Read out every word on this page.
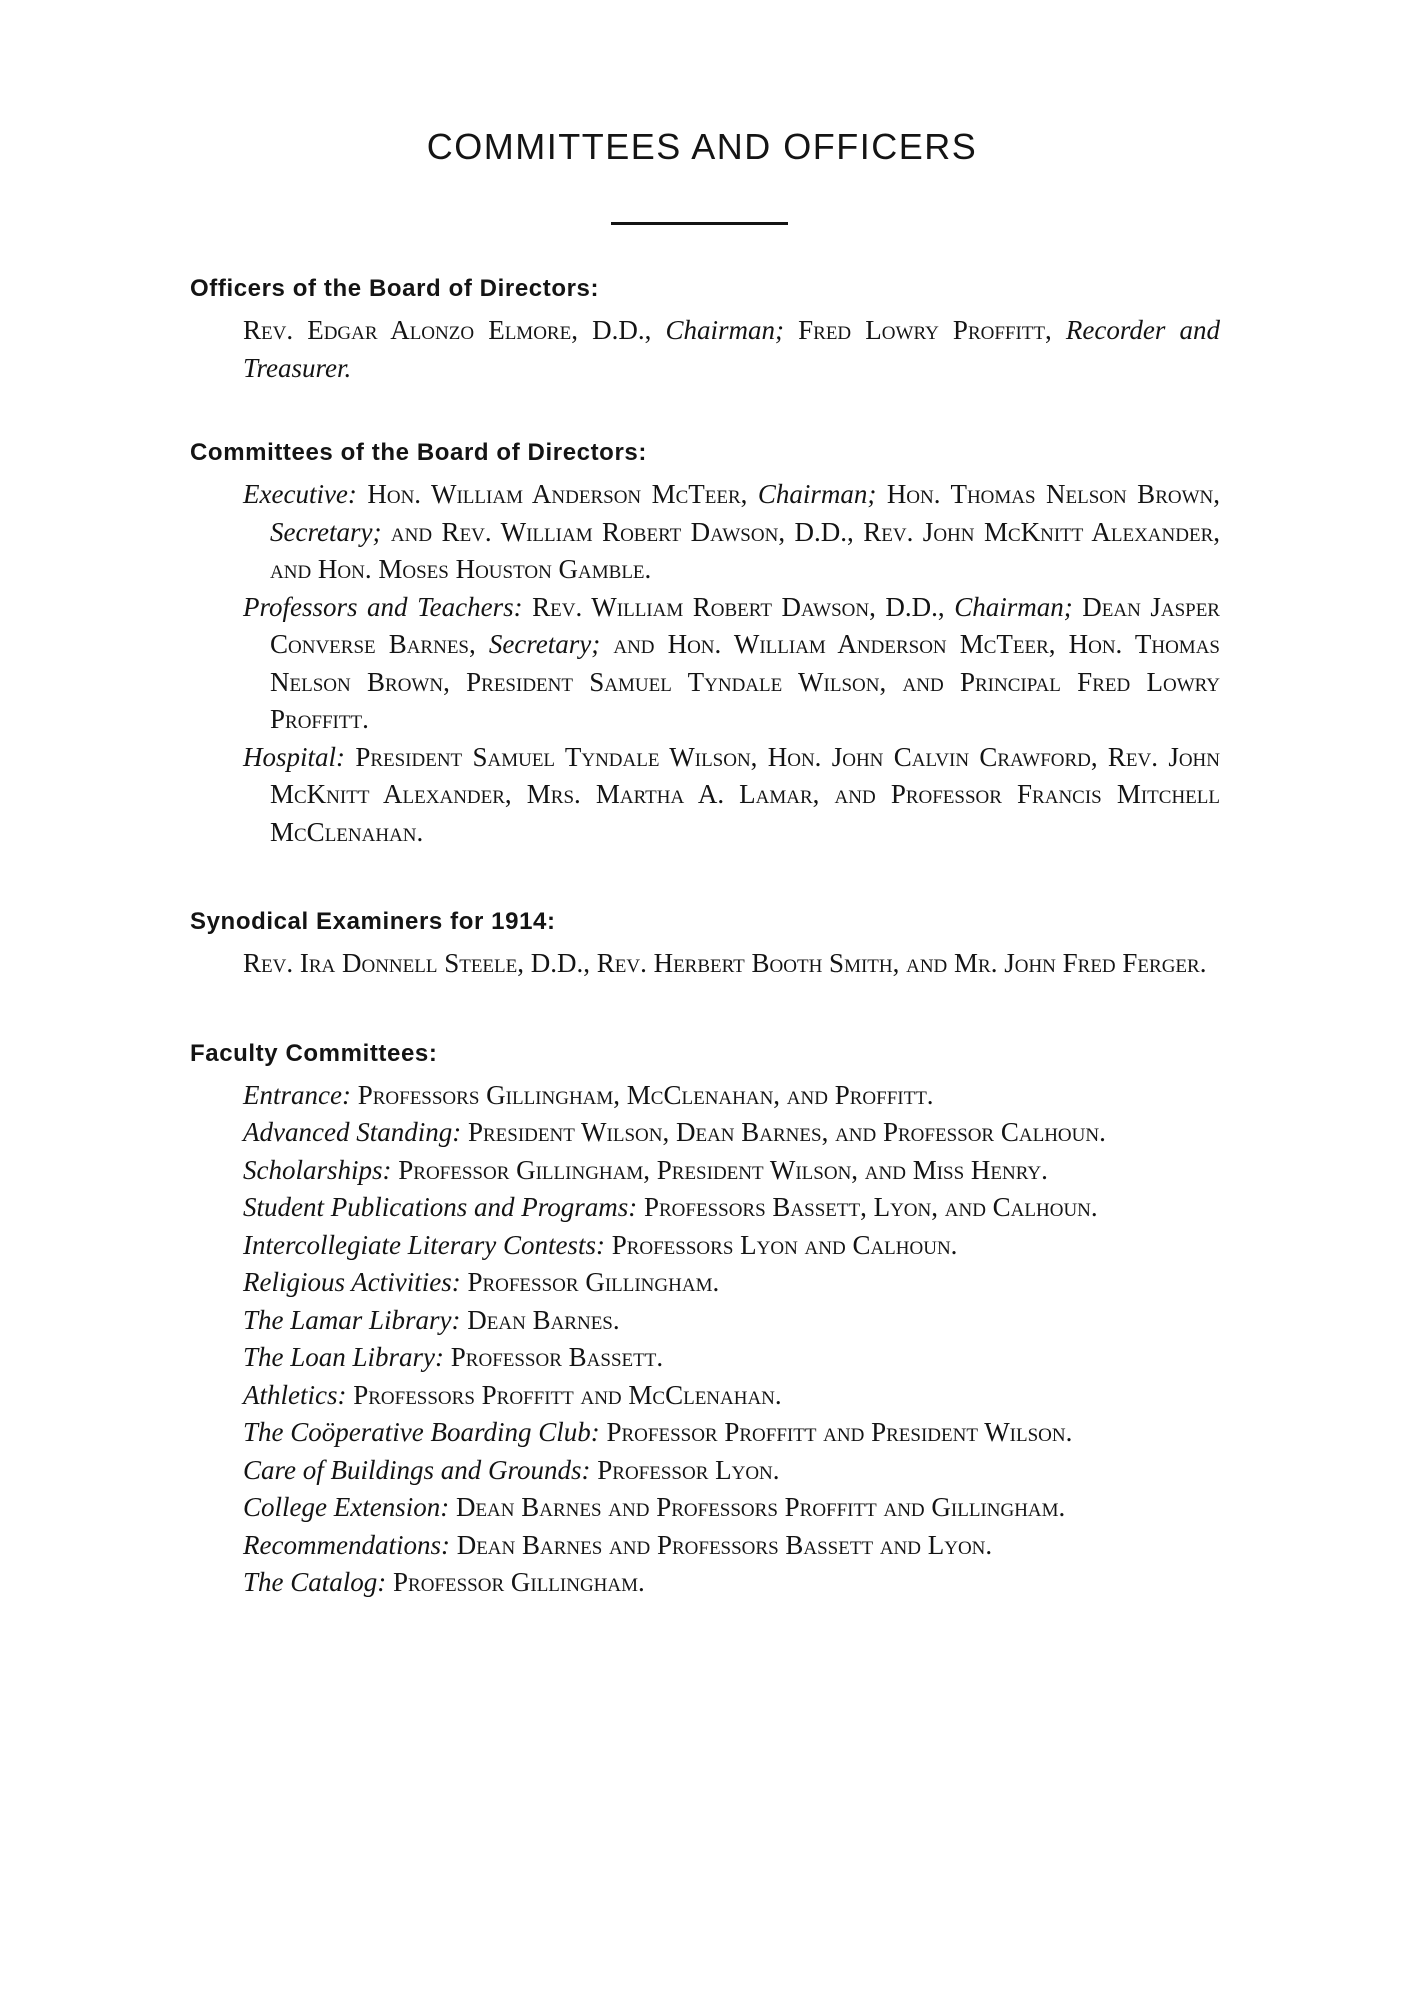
COMMITTEES AND OFFICERS

Officers of the Board of Directors:

Rev. Edgar Alonzo Elmore, D.D., Chairman; Fred Lowry Proffitt, Recorder and Treasurer.

Committees of the Board of Directors:

Executive: Hon. William Anderson McTeer, Chairman; Hon. Thomas Nelson Brown, Secretary; and Rev. William Robert Dawson, D.D., Rev. John McKnitt Alexander, and Hon. Moses Houston Gamble.

Professors and Teachers: Rev. William Robert Dawson, D.D., Chairman; Dean Jasper Converse Barnes, Secretary; and Hon. William Anderson McTeer, Hon. Thomas Nelson Brown, President Samuel Tyndale Wilson, and Principal Fred Lowry Proffitt.

Hospital: President Samuel Tyndale Wilson, Hon. John Calvin Crawford, Rev. John McKnitt Alexander, Mrs. Martha A. Lamar, and Professor Francis Mitchell McClenahan.

Synodical Examiners for 1914:

Rev. Ira Donnell Steele, D.D., Rev. Herbert Booth Smith, and Mr. John Fred Ferger.

Faculty Committees:

Entrance: Professors Gillingham, McClenahan, and Proffitt.

Advanced Standing: President Wilson, Dean Barnes, and Professor Calhoun.

Scholarships: Professor Gillingham, President Wilson, and Miss Henry.

Student Publications and Programs: Professors Bassett, Lyon, and Calhoun.

Intercollegiate Literary Contests: Professors Lyon and Calhoun.

Religious Activities: Professor Gillingham.

The Lamar Library: Dean Barnes.

The Loan Library: Professor Bassett.

Athletics: Professors Proffitt and McClenahan.

The Coöperative Boarding Club: Professor Proffitt and President Wilson.

Care of Buildings and Grounds: Professor Lyon.

College Extension: Dean Barnes and Professors Proffitt and Gillingham.

Recommendations: Dean Barnes and Professors Bassett and Lyon.

The Catalog: Professor Gillingham.
